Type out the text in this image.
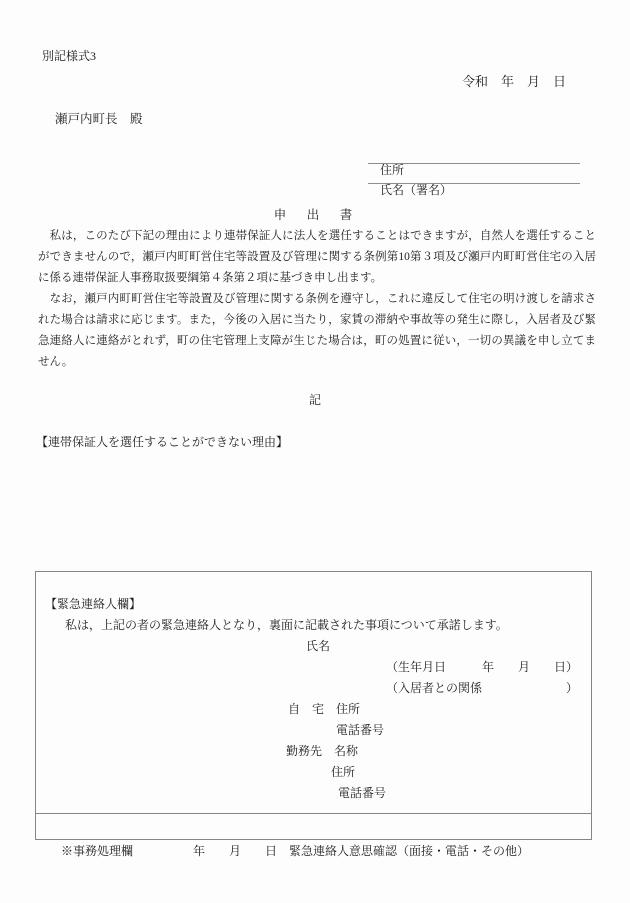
別記様式3
令和　年　月　日
瀬戸内町長　殿

住所

氏名（署名）

申　出　書

　私は，このたび下記の理由により連帯保証人に法人を選任することはできますが，自然人を選任することができませんので，瀬戸内町町営住宅等設置及び管理に関する条例第10第３項及び瀬戸内町町営住宅の入居に係る連帯保証人事務取扱要綱第４条第２項に基づき申し出ます。

　なお，瀬戸内町町営住宅等設置及び管理に関する条例を遵守し，これに違反して住宅の明け渡しを請求された場合は請求に応じます。また，今後の入居に当たり，家賃の滞納や事故等の発生に際し，入居者及び緊急連絡人に連絡がとれず，町の住宅管理上支障が生じた場合は，町の処置に従い，一切の異議を申し立てません。

記
【連帯保証人を選任することができない理由】
【緊急連絡人欄】
　私は，上記の者の緊急連絡人となり，裏面に記載された事項について承諾します。
氏名
（生年月日　　　年　　月　　日）
（入居者との関係　　　　　　　）
自　宅　住所
電話番号
勤務先　名称
住所
電話番号

※事務処理欄　　　　　年　　月　　日　緊急連絡人意思確認（面接・電話・その他）
